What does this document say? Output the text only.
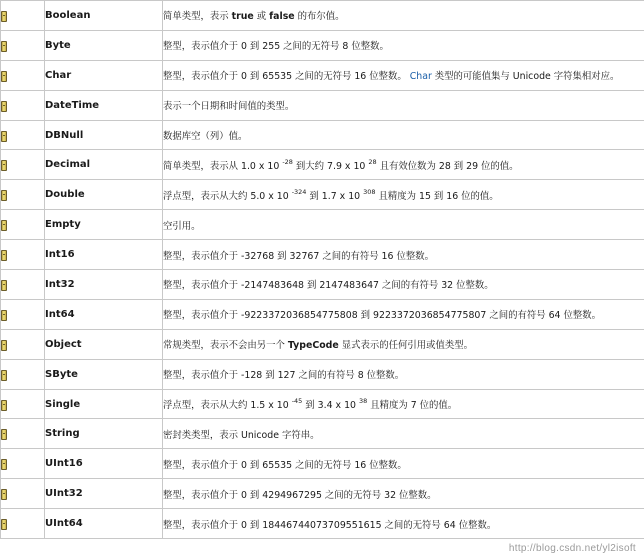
	Boolean	简单类型，表示 true 或 false 的布尔值。
	Byte	整型，表示值介于 0 到 255 之间的无符号 8 位整数。
	Char	整型，表示值介于 0 到 65535 之间的无符号 16 位整数。 Char 类型的可能值集与 Unicode 字符集相对应。
	DateTime	表示一个日期和时间值的类型。
	DBNull	数据库空（列）值。
	Decimal	简单类型，表示从 1.0 x 10 $^{-28}$ 到大约 7.9 x 10 $^{28}$ 且有效位数为 28 到 29 位的值。
	Double	浮点型，表示从大约 5.0 x 10 $^{-324}$ 到 1.7 x 10 $^{308}$ 且精度为 15 到 16 位的值。
	Empty	空引用。
	Int16	整型，表示值介于 -32768 到 32767 之间的有符号 16 位整数。
	Int32	整型，表示值介于 -2147483648 到 2147483647 之间的有符号 32 位整数。
	Int64	整型，表示值介于 -9223372036854775808 到 9223372036854775807 之间的有符号 64 位整数。
	Object	常规类型，表示不会由另一个 TypeCode 显式表示的任何引用或值类型。
	SByte	整型，表示值介于 -128 到 127 之间的有符号 8 位整数。
	Single	浮点型，表示从大约 1.5 x 10 $^{-45}$ 到 3.4 x 10 $^{38}$ 且精度为 7 位的值。
	String	密封类类型，表示 Unicode 字符串。
	UInt16	整型，表示值介于 0 到 65535 之间的无符号 16 位整数。
	UInt32	整型，表示值介于 0 到 4294967295 之间的无符号 32 位整数。
	UInt64	整型，表示值介于 0 到 18446744073709551615 之间的无符号 64 位整数。
http://blog.csdn.net/yl2isoft
